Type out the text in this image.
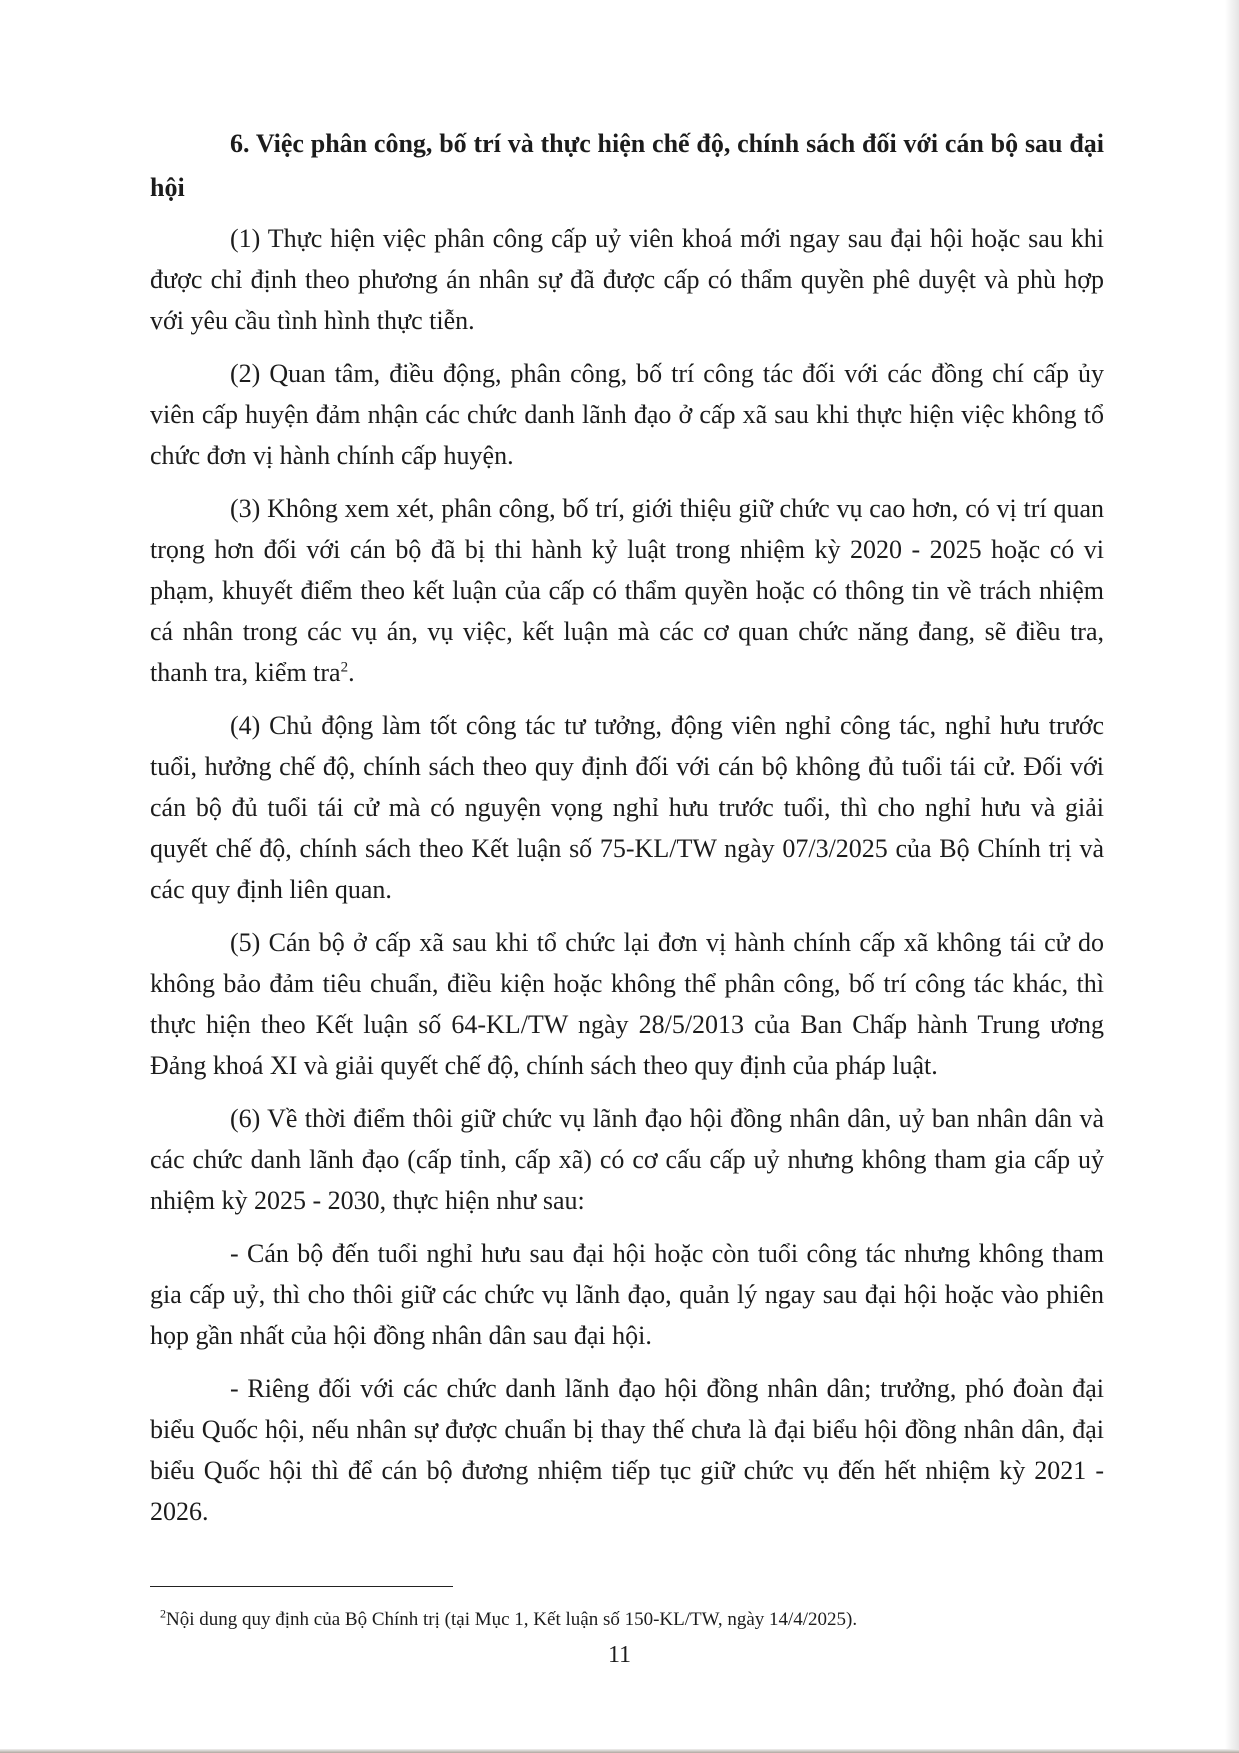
6. Việc phân công, bố trí và thực hiện chế độ, chính sách đối với cán bộ sau đại hội

(1) Thực hiện việc phân công cấp uỷ viên khoá mới ngay sau đại hội hoặc sau khi được chỉ định theo phương án nhân sự đã được cấp có thẩm quyền phê duyệt và phù hợp với yêu cầu tình hình thực tiễn.

(2) Quan tâm, điều động, phân công, bố trí công tác đối với các đồng chí cấp ủy viên cấp huyện đảm nhận các chức danh lãnh đạo ở cấp xã sau khi thực hiện việc không tổ chức đơn vị hành chính cấp huyện.

(3) Không xem xét, phân công, bố trí, giới thiệu giữ chức vụ cao hơn, có vị trí quan trọng hơn đối với cán bộ đã bị thi hành kỷ luật trong nhiệm kỳ 2020 - 2025 hoặc có vi phạm, khuyết điểm theo kết luận của cấp có thẩm quyền hoặc có thông tin về trách nhiệm cá nhân trong các vụ án, vụ việc, kết luận mà các cơ quan chức năng đang, sẽ điều tra, thanh tra, kiểm tra$^2$.

(4) Chủ động làm tốt công tác tư tưởng, động viên nghỉ công tác, nghỉ hưu trước tuổi, hưởng chế độ, chính sách theo quy định đối với cán bộ không đủ tuổi tái cử. Đối với cán bộ đủ tuổi tái cử mà có nguyện vọng nghỉ hưu trước tuổi, thì cho nghỉ hưu và giải quyết chế độ, chính sách theo Kết luận số 75-KL/TW ngày 07/3/2025 của Bộ Chính trị và các quy định liên quan.

(5) Cán bộ ở cấp xã sau khi tổ chức lại đơn vị hành chính cấp xã không tái cử do không bảo đảm tiêu chuẩn, điều kiện hoặc không thể phân công, bố trí công tác khác, thì thực hiện theo Kết luận số 64-KL/TW ngày 28/5/2013 của Ban Chấp hành Trung ương Đảng khoá XI và giải quyết chế độ, chính sách theo quy định của pháp luật.

(6) Về thời điểm thôi giữ chức vụ lãnh đạo hội đồng nhân dân, uỷ ban nhân dân và các chức danh lãnh đạo (cấp tỉnh, cấp xã) có cơ cấu cấp uỷ nhưng không tham gia cấp uỷ nhiệm kỳ 2025 - 2030, thực hiện như sau:

- Cán bộ đến tuổi nghỉ hưu sau đại hội hoặc còn tuổi công tác nhưng không tham gia cấp uỷ, thì cho thôi giữ các chức vụ lãnh đạo, quản lý ngay sau đại hội hoặc vào phiên họp gần nhất của hội đồng nhân dân sau đại hội.

- Riêng đối với các chức danh lãnh đạo hội đồng nhân dân; trưởng, phó đoàn đại biểu Quốc hội, nếu nhân sự được chuẩn bị thay thế chưa là đại biểu hội đồng nhân dân, đại biểu Quốc hội thì để cán bộ đương nhiệm tiếp tục giữ chức vụ đến hết nhiệm kỳ 2021 - 2026.

$^2$Nội dung quy định của Bộ Chính trị (tại Mục 1, Kết luận số 150-KL/TW, ngày 14/4/2025).
11
